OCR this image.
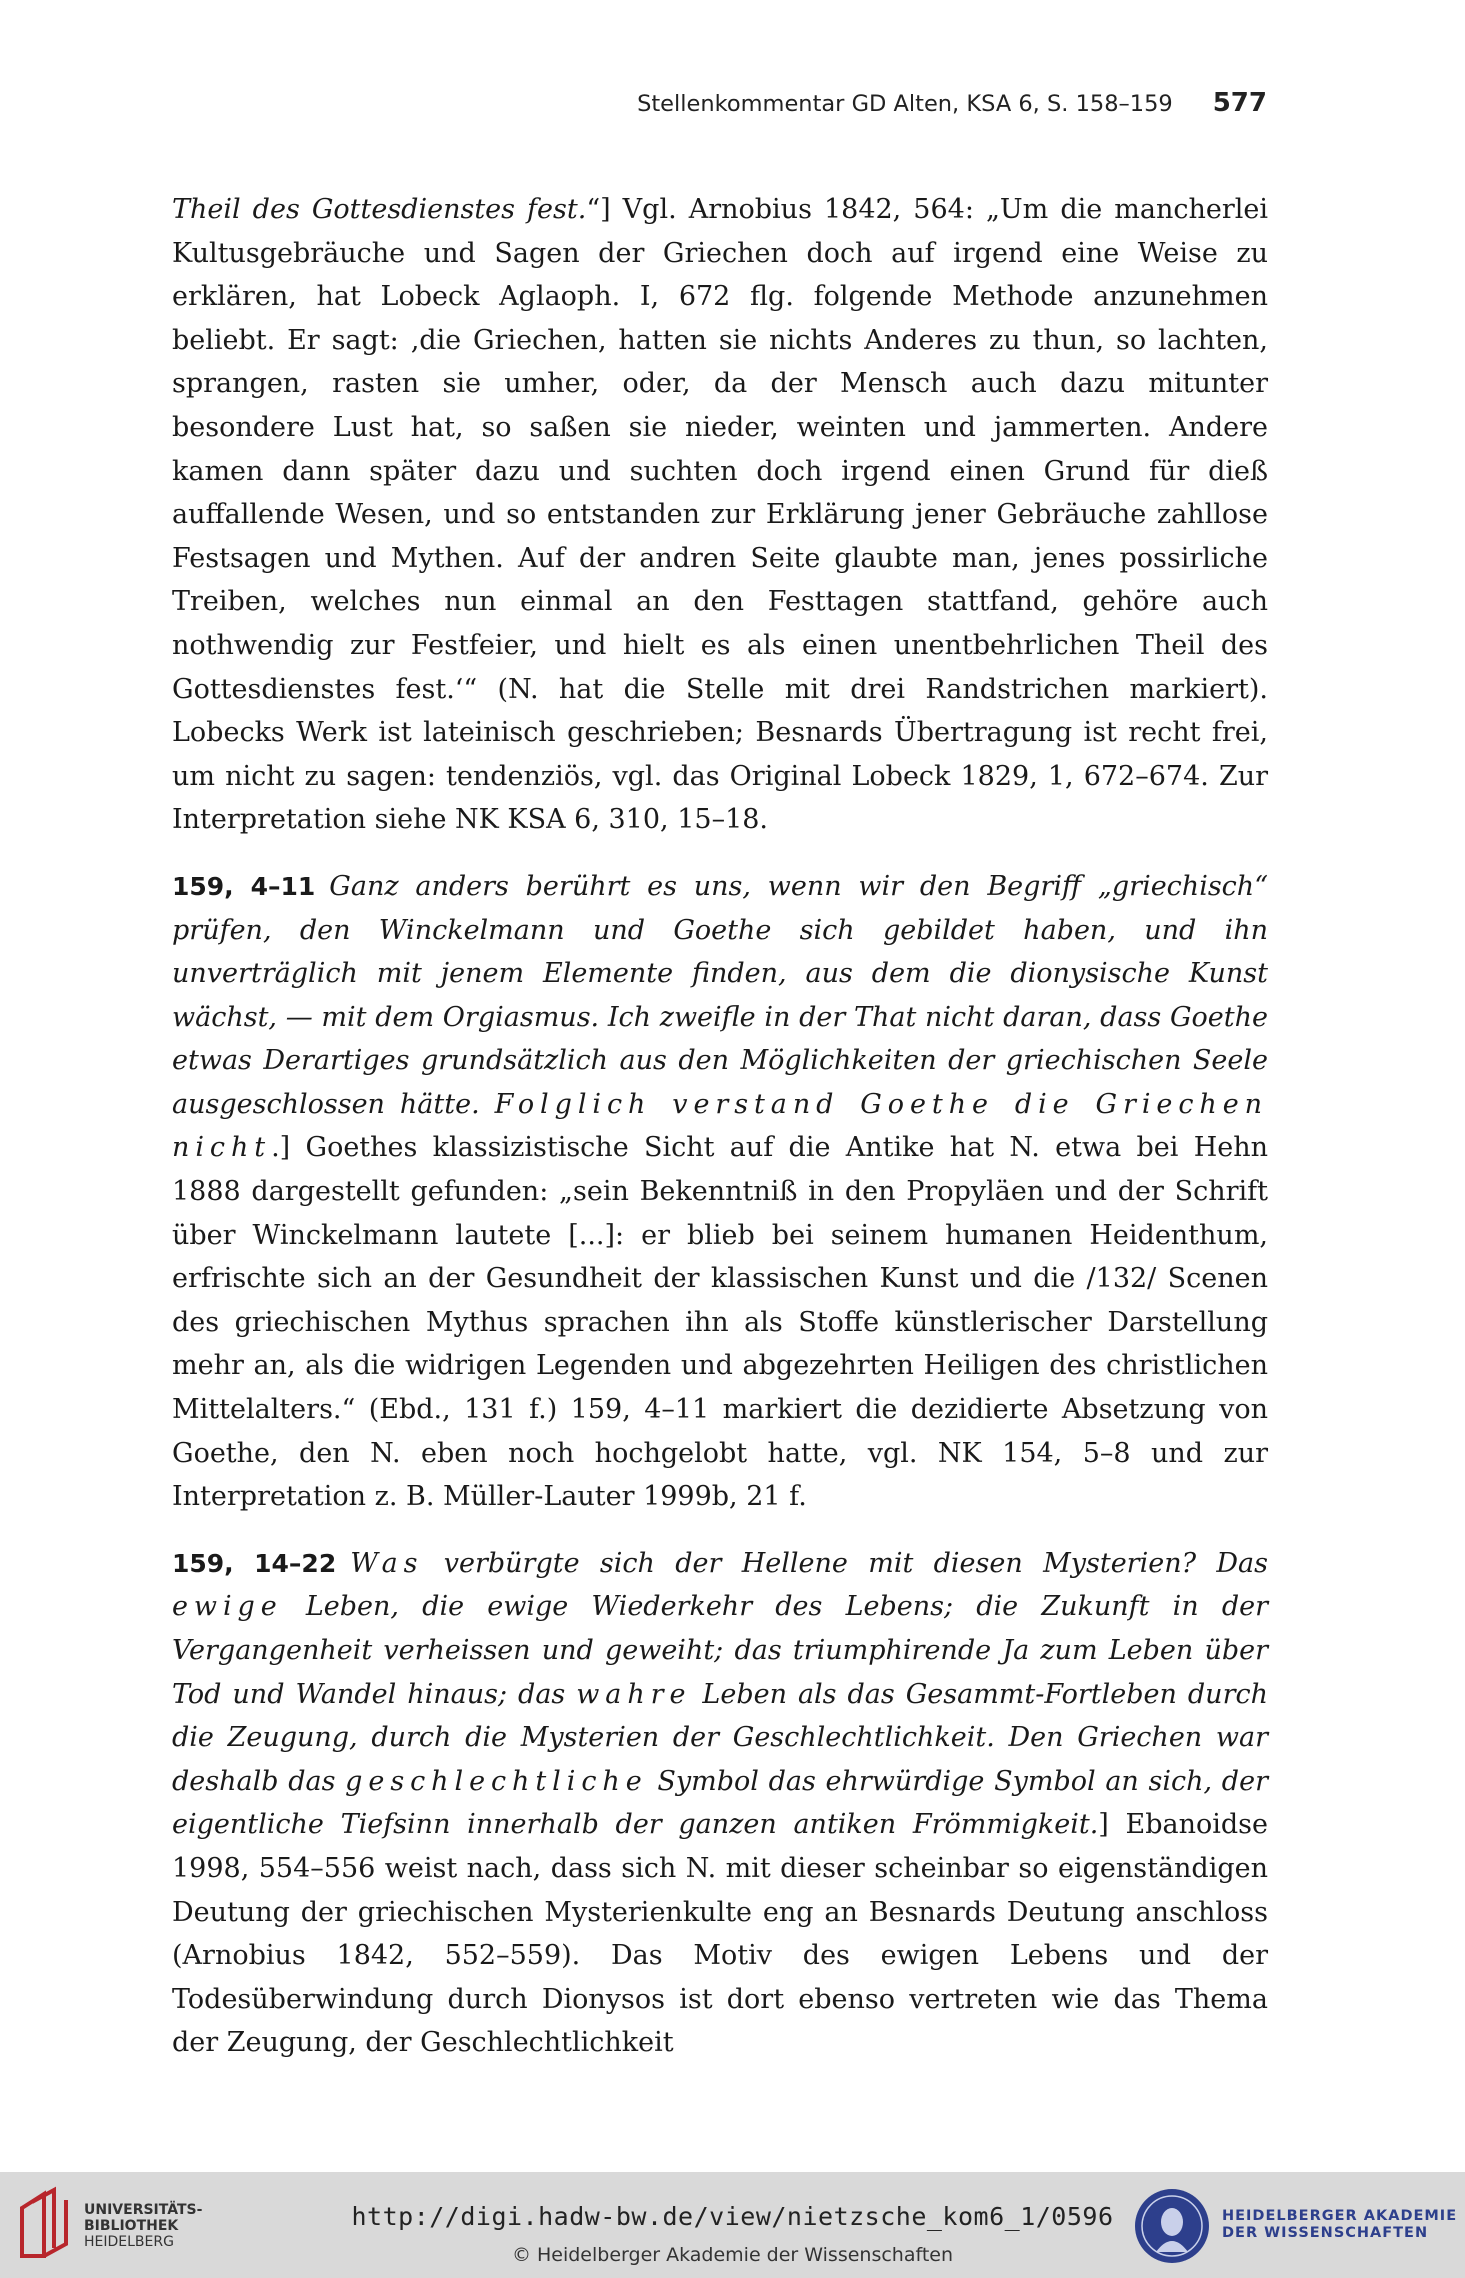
Stellenkommentar GD Alten, KSA 6, S. 158–159 577

Theil des Gottesdienstes fest.“] Vgl. Arnobius 1842, 564: „Um die mancherlei Kultusgebräuche und Sagen der Griechen doch auf irgend eine Weise zu erklären, hat Lobeck Aglaoph. I, 672 flg. folgende Methode anzunehmen beliebt. Er sagt: ‚die Griechen, hatten sie nichts Anderes zu thun, so lachten, sprangen, rasten sie umher, oder, da der Mensch auch dazu mitunter besondere Lust hat, so saßen sie nieder, weinten und jammerten. Andere kamen dann später dazu und suchten doch irgend einen Grund für dieß auffallende Wesen, und so entstanden zur Erklärung jener Gebräuche zahllose Festsagen und Mythen. Auf der andren Seite glaubte man, jenes possirliche Treiben, welches nun einmal an den Festtagen stattfand, gehöre auch nothwendig zur Festfeier, und hielt es als einen unentbehrlichen Theil des Gottesdienstes fest.‘“ (N. hat die Stelle mit drei Randstrichen markiert). Lobecks Werk ist lateinisch geschrieben; Besnards Übertragung ist recht frei, um nicht zu sagen: tendenziös, vgl. das Original Lobeck 1829, 1, 672–674. Zur Interpretation siehe NK KSA 6, 310, 15–18.

159, 4–11 Ganz anders berührt es uns, wenn wir den Begriff „griechisch“ prüfen, den Winckelmann und Goethe sich gebildet haben, und ihn unverträglich mit jenem Elemente finden, aus dem die dionysische Kunst wächst, — mit dem Orgiasmus. Ich zweifle in der That nicht daran, dass Goethe etwas Derartiges grundsätzlich aus den Möglichkeiten der griechischen Seele ausgeschlossen hätte. Folglich verstand Goethe die Griechen nicht.] Goethes klassizistische Sicht auf die Antike hat N. etwa bei Hehn 1888 dargestellt gefunden: „sein Bekenntniß in den Propyläen und der Schrift über Winckelmann lautete [...]: er blieb bei seinem humanen Heidenthum, erfrischte sich an der Gesundheit der klassischen Kunst und die /132/ Scenen des griechischen Mythus sprachen ihn als Stoffe künstlerischer Darstellung mehr an, als die widrigen Legenden und abgezehrten Heiligen des christlichen Mittelalters.“ (Ebd., 131 f.) 159, 4–11 markiert die dezidierte Absetzung von Goethe, den N. eben noch hochgelobt hatte, vgl. NK 154, 5–8 und zur Interpretation z. B. Müller-Lauter 1999b, 21 f.

159, 14–22 Was verbürgte sich der Hellene mit diesen Mysterien? Das ewige Leben, die ewige Wiederkehr des Lebens; die Zukunft in der Vergangenheit verheissen und geweiht; das triumphirende Ja zum Leben über Tod und Wandel hinaus; das wahre Leben als das Gesammt-Fortleben durch die Zeugung, durch die Mysterien der Geschlechtlichkeit. Den Griechen war deshalb das geschlechtliche Symbol das ehrwürdige Symbol an sich, der eigentliche Tiefsinn innerhalb der ganzen antiken Frömmigkeit.] Ebanoidse 1998, 554–556 weist nach, dass sich N. mit dieser scheinbar so eigenständigen Deutung der griechischen Mysterienkulte eng an Besnards Deutung anschloss (Arnobius 1842, 552–559). Das Motiv des ewigen Lebens und der Todesüberwindung durch Dionysos ist dort ebenso vertreten wie das Thema der Zeugung, der Geschlechtlichkeit

UNIVERSITÄTS-
BIBLIOTHEK
HEIDELBERG
http://digi.hadw-bw.de/view/nietzsche_kom6_1/0596
© Heidelberger Akademie der Wissenschaften
HEIDELBERGER AKADEMIE
DER WISSENSCHAFTEN
